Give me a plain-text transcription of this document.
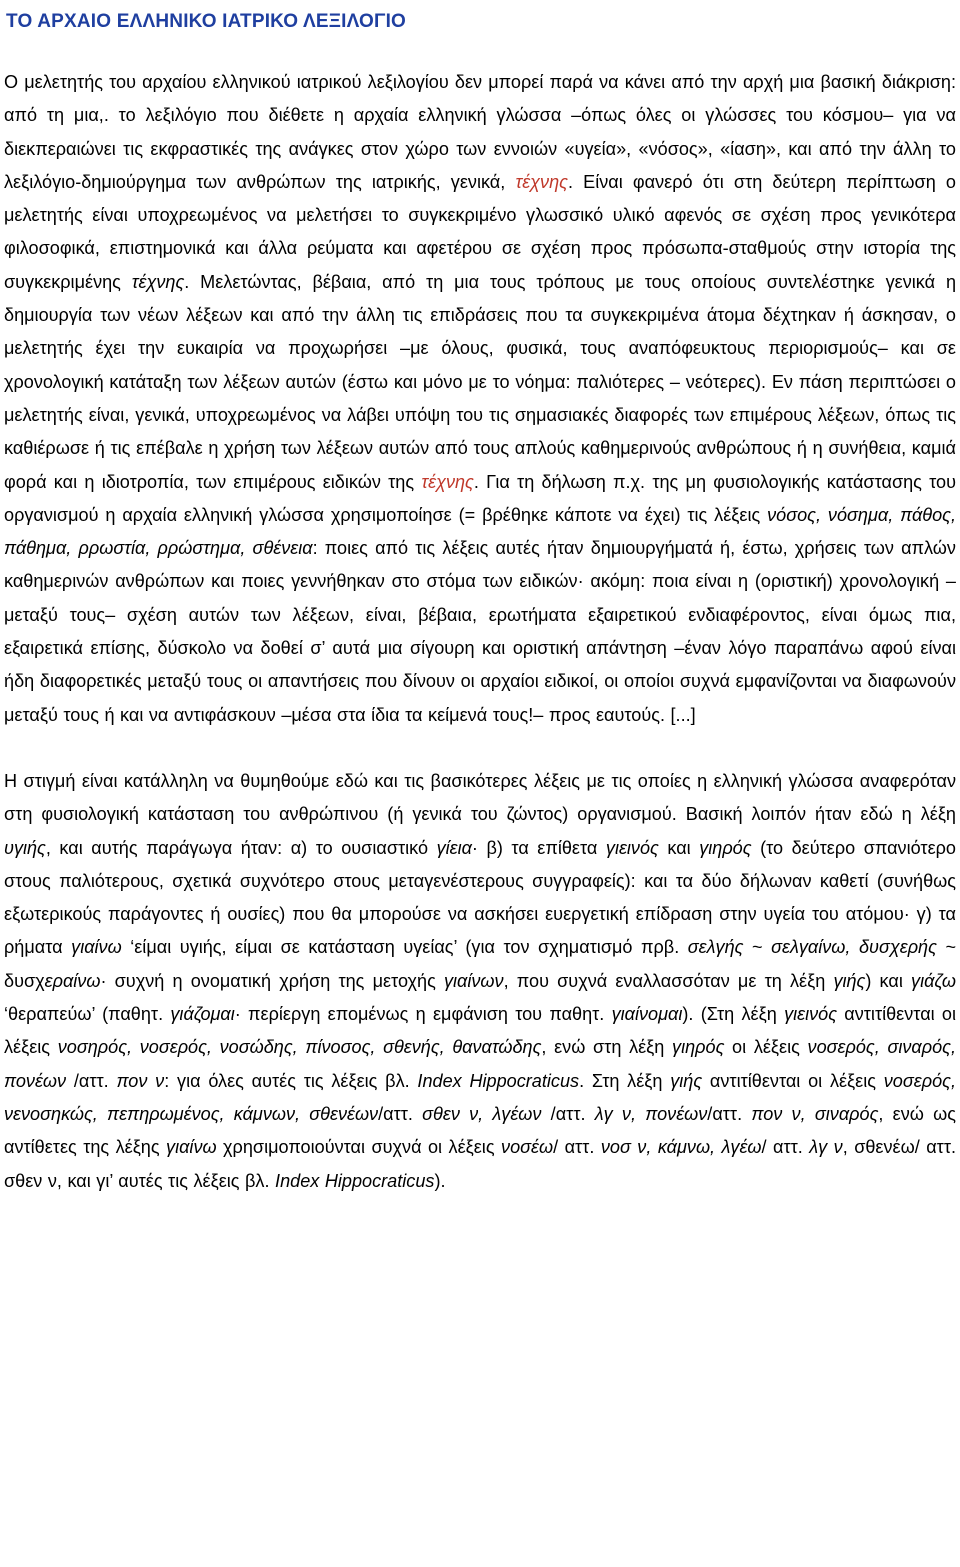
ΤΟ ΑΡΧΑΙΟ ΕΛΛΗΝΙΚΟ ΙΑΤΡΙΚΟ ΛΕΞΙΛΟΓΙΟ

Ο μελετητής του αρχαίου ελληνικού ιατρικού λεξιλογίου δεν μπορεί παρά να κάνει από την αρχή μια βασική διάκριση: από τη μια,. το λεξιλόγιο που διέθετε η αρχαία ελληνική γλώσσα –όπως όλες οι γλώσσες του κόσμου– για να διεκπεραιώνει τις εκφραστικές της ανάγκες στον χώρο των εννοιών «υγεία», «νόσος», «ίαση», και από την άλλη το λεξιλόγιο-δημιούργημα των ανθρώπων της ιατρικής, γενικά, τέχνης. Είναι φανερό ότι στη δεύτερη περίπτωση ο μελετητής είναι υποχρεωμένος να μελετήσει το συγκεκριμένο γλωσσικό υλικό αφενός σε σχέση προς γενικότερα φιλοσοφικά, επιστημονικά και άλλα ρεύματα και αφετέρου σε σχέση προς πρόσωπα-σταθμούς στην ιστορία της συγκεκριμένης τέχνης. Μελετώντας, βέβαια, από τη μια τους τρόπους με τους οποίους συντελέστηκε γενικά η δημιουργία των νέων λέξεων και από την άλλη τις επιδράσεις που τα συγκεκριμένα άτομα δέχτηκαν ή άσκησαν, ο μελετητής έχει την ευκαιρία να προχωρήσει –με όλους, φυσικά, τους αναπόφευκτους περιορισμούς– και σε χρονολογική κατάταξη των λέξεων αυτών (έστω και μόνο με το νόημα: παλιότερες – νεότερες). Εν πάση περιπτώσει ο μελετητής είναι, γενικά, υποχρεωμένος να λάβει υπόψη του τις σημασιακές διαφορές των επιμέρους λέξεων, όπως τις καθιέρωσε ή τις επέβαλε η χρήση των λέξεων αυτών από τους απλούς καθημερινούς ανθρώπους ή η συνήθεια, καμιά φορά και η ιδιοτροπία, των επιμέρους ειδικών της τέχνης. Για τη δήλωση π.χ. της μη φυσιολογικής κατάστασης του οργανισμού η αρχαία ελληνική γλώσσα χρησιμοποίησε (= βρέθηκε κάποτε να έχει) τις λέξεις νόσος, νόσημα, πάθος, πάθημα, ρρωστία, ρρώστημα, σθένεια: ποιες από τις λέξεις αυτές ήταν δημιουργήματά ή, έστω, χρήσεις των απλών καθημερινών ανθρώπων και ποιες γεννήθηκαν στο στόμα των ειδικών· ακόμη: ποια είναι η (οριστική) χρονολογική –μεταξύ τους– σχέση αυτών των λέξεων, είναι, βέβαια, ερωτήματα εξαιρετικού ενδιαφέροντος, είναι όμως πια, εξαιρετικά επίσης, δύσκολο να δοθεί σ’ αυτά μια σίγουρη και οριστική απάντηση –έναν λόγο παραπάνω αφού είναι ήδη διαφορετικές μεταξύ τους οι απαντήσεις που δίνουν οι αρχαίοι ειδικοί, οι οποίοι συχνά εμφανίζονται να διαφωνούν μεταξύ τους ή και να αντιφάσκουν –μέσα στα ίδια τα κείμενά τους!– προς εαυτούς. [...]

Η στιγμή είναι κατάλληλη να θυμηθούμε εδώ και τις βασικότερες λέξεις με τις οποίες η ελληνική γλώσσα αναφερόταν στη φυσιολογική κατάσταση του ανθρώπινου (ή γενικά του ζώντος) οργανισμού. Βασική λοιπόν ήταν εδώ η λέξη υγιής, και αυτής παράγωγα ήταν: α) το ουσιαστικό γίεια· β) τα επίθετα γιεινός και γιηρός (το δεύτερο σπανιότερο στους παλιότερους, σχετικά συχνότερο στους μεταγενέστερους συγγραφείς): και τα δύο δήλωναν καθετί (συνήθως εξωτερικούς παράγοντες ή ουσίες) που θα μπορούσε να ασκήσει ευεργετική επίδραση στην υγεία του ατόμου· γ) τα ρήματα γιαίνω ‘είμαι υγιής, είμαι σε κατάσταση υγείας’ (για τον σχηματισμό πρβ. σελγής ~ σελγαίνω, δυσχερής ~ δυσχεραίνω· συχνή η ονοματική χρήση της μετοχής γιαίνων, που συχνά εναλλασσόταν με τη λέξη γιής) και γιάζω ‘θεραπεύω’ (παθητ. γιάζομαι· περίεργη επομένως η εμφάνιση του παθητ. γιαίνομαι). (Στη λέξη γιεινός αντιτίθενται οι λέξεις νοσηρός, νοσερός, νοσώδης, πίνοσος, σθενής, θανατώδης, ενώ στη λέξη γιηρός οι λέξεις νοσερός, σιναρός, πονέων /αττ. πον ν: για όλες αυτές τις λέξεις βλ. Index Hippocraticus. Στη λέξη γιής αντιτίθενται οι λέξεις νοσερός, νενοσηκώς, πεπηρωμένος, κάμνων, σθενέων/αττ. σθεν ν, λγέων /αττ. λγ ν, πονέων/αττ. πον ν, σιναρός, ενώ ως αντίθετες της λέξης γιαίνω χρησιμοποιούνται συχνά οι λέξεις νοσέω/ αττ. νοσ ν, κάμνω, λγέω/ αττ. λγ ν, σθενέω/ αττ. σθεν ν, και γι’ αυτές τις λέξεις βλ. Index Hippocraticus).
